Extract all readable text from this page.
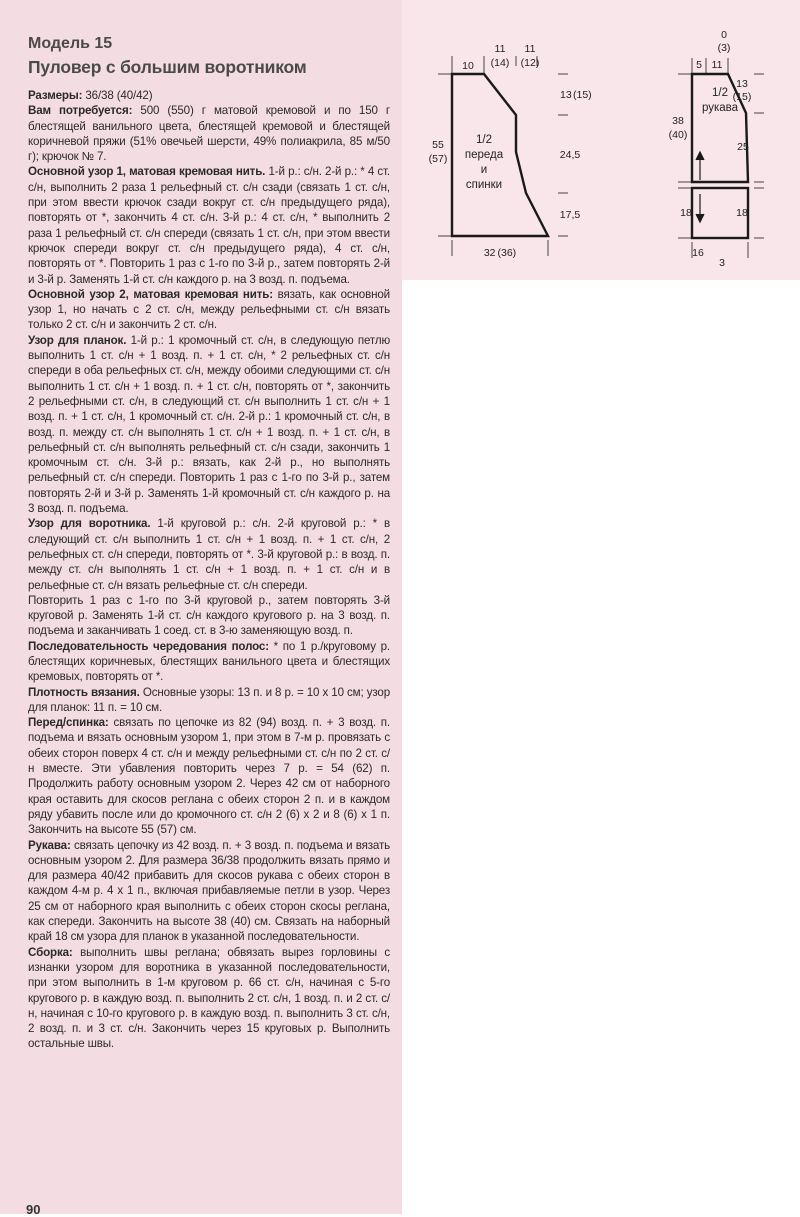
Модель 15

Пуловер с большим воротником

Размеры: 36/38 (40/42)

Вам потребуется: 500 (550) г матовой кремовой и по 150 г блестящей ванильного цвета, блестящей кремовой и блестящей коричневой пряжи (51% овечьей шерсти, 49% полиакрила, 85 м/50 г); крючок № 7.

Основной узор 1, матовая кремовая нить. 1-й р.: с/н. 2-й р.: * 4 ст. с/н, выполнить 2 раза 1 рельефный ст. с/н сзади (связать 1 ст. с/н, при этом ввести крючок сзади вокруг ст. с/н предыдущего ряда), повторять от *, закончить 4 ст. с/н. 3-й р.: 4 ст. с/н, * выполнить 2 раза 1 рельефный ст. с/н спереди (связать 1 ст. с/н, при этом ввести крючок спереди вокруг ст. с/н предыдущего ряда), 4 ст. с/н, повторять от *. Повторить 1 раз с 1-го по 3-й р., затем повторять 2-й и 3-й р. Заменять 1-й ст. с/н каждого р. на 3 возд. п. подъема.

Основной узор 2, матовая кремовая нить: вязать, как основной узор 1, но начать с 2 ст. с/н, между рельефными ст. с/н вязать только 2 ст. с/н и закончить 2 ст. с/н.

Узор для планок. 1-й р.: 1 кромочный ст. с/н, в следующую петлю выполнить 1 ст. с/н + 1 возд. п. + 1 ст. с/н, * 2 рельефных ст. с/н спереди в оба рельефных ст. с/н, между обоими следующими ст. с/н выполнить 1 ст. с/н + 1 возд. п. + 1 ст. с/н, повторять от *, закончить 2 рельефными ст. с/н, в следующий ст. с/н выполнить 1 ст. с/н + 1 возд. п. + 1 ст. с/н, 1 кромочный ст. с/н. 2-й р.: 1 кромочный ст. с/н, в возд. п. между ст. с/н выполнять 1 ст. с/н + 1 возд. п. + 1 ст. с/н, в рельефный ст. с/н выполнять рельефный ст. с/н сзади, закончить 1 кромочным ст. с/н. 3-й р.: вязать, как 2-й р., но выполнять рельефный ст. с/н спереди. Повторить 1 раз с 1-го по 3-й р., затем повторять 2-й и 3-й р. Заменять 1-й кромочный ст. с/н каждого р. на 3 возд. п. подъема.

Узор для воротника. 1-й круговой р.: с/н. 2-й круговой р.: * в следующий ст. с/н выполнить 1 ст. с/н + 1 возд. п. + 1 ст. с/н, 2 рельефных ст. с/н спереди, повторять от *. 3-й круговой р.: в возд. п. между ст. с/н выполнять 1 ст. с/н + 1 возд. п. + 1 ст. с/н и в рельефные ст. с/н вязать рельефные ст. с/н спереди.

Повторить 1 раз с 1-го по 3-й круговой р., затем повторять 3-й круговой р. Заменять 1-й ст. с/н каждого кругового р. на 3 возд. п. подъема и заканчивать 1 соед. ст. в 3-ю заменяющую возд. п.

Последовательность чередования полос: * по 1 р./круговому р. блестящих коричневых, блестящих ванильного цвета и блестящих кремовых, повторять от *.

Плотность вязания. Основные узоры: 13 п. и 8 р. = 10 х 10 см; узор для планок: 11 п. = 10 см.

Перед/спинка: связать по цепочке из 82 (94) возд. п. + 3 возд. п. подъема и вязать основным узором 1, при этом в 7-м р. провязать с обеих сторон поверх 4 ст. с/н и между рельефными ст. с/н по 2 ст. с/н вместе. Эти убавления повторить через 7 р. = 54 (62) п. Продолжить работу основным узором 2. Через 42 см от наборного края оставить для скосов реглана с обеих сторон 2 п. и в каждом ряду убавить после или до кромочного ст. с/н 2 (6) х 2 и 8 (6) х 1 п. Закончить на высоте 55 (57) см.

Рукава: связать цепочку из 42 возд. п. + 3 возд. п. подъема и вязать основным узором 2. Для размера 36/38 продолжить вязать прямо и для размера 40/42 прибавить для скосов рукава с обеих сторон в каждом 4-м р. 4 х 1 п., включая прибавляемые петли в узор. Через 25 см от наборного края выполнить с обеих сторон скосы реглана, как спереди. Закончить на высоте 38 (40) см. Связать на наборный край 18 см узора для планок в указанной последовательности.

Сборка: выполнить швы реглана; обвязать вырез горловины с изнанки узором для воротника в указанной последовательности, при этом выполнить в 1-м круговом р. 66 ст. с/н, начиная с 5-го кругового р. в каждую возд. п. выполнить 2 ст. с/н, 1 возд. п. и 2 ст. с/н, начиная с 10-го кругового р. в каждую возд. п. выполнить 3 ст. с/н, 2 возд. п. и 3 ст. с/н. Закончить через 15 круговых р. Выполнить остальные швы.

90
1/2
переда
и
спинки
10
11
(14)
11
(12)
55
(57)
13 (15)
24,5
17,5
32 (36)
1/2
рукава
0
(3)
5 11
38
(40)
13
(15)
25
18	18
16
3
